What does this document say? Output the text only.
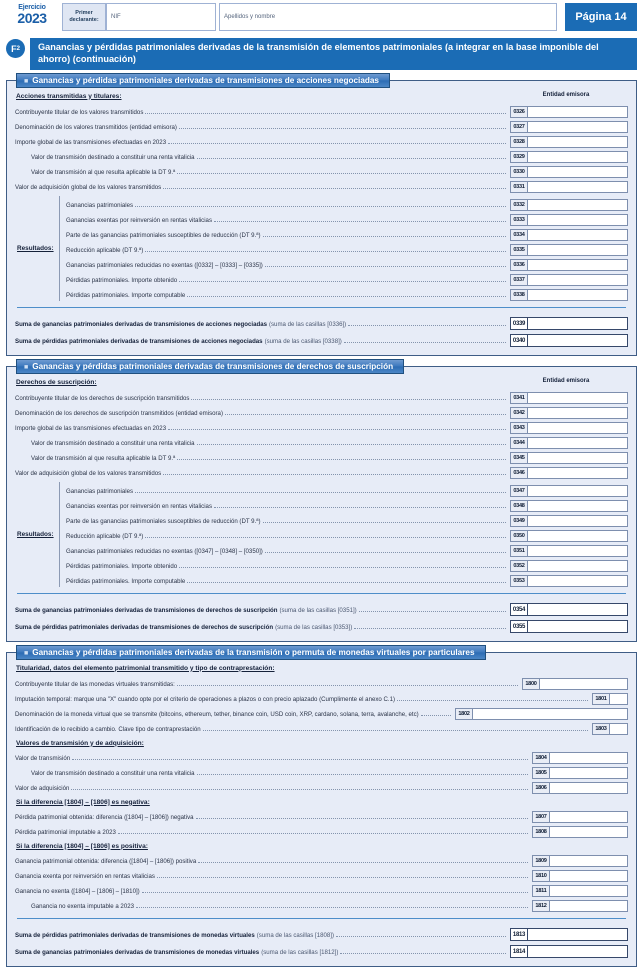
Ejercicio
2023	Primer
declarante: NIF	Apellidos y nombre	Página 14
F 2	Ganancias y pérdidas patrimoniales derivadas de la transmisión de elementos patrimoniales (a integrar en la base imponible del ahorro) (continuación)
■ Ganancias y pérdidas patrimoniales derivadas de transmisiones de acciones negociadas
Entidad emisora
Acciones transmitidas y titulares:
Contribuyente titular de los valores transmitidos	0326
Denominación de los valores transmitidos (entidad emisora)	0327
Importe global de las transmisiones efectuadas en 2023	0328
Valor de transmisión destinado a constituir una renta vitalicia	0329
Valor de transmisión al que resulta aplicable la DT 9.ª	0330
Valor de adquisición global de los valores transmitidos	0331
Resultados:
Ganancias patrimoniales	0332
Ganancias exentas por reinversión en rentas vitalicias	0333
Parte de las ganancias patrimoniales susceptibles de reducción (DT 9.ª)	0334
Reducción aplicable (DT 9.ª)	0335
Ganancias patrimoniales reducidas no exentas ([0332] – [0333] – [0335])	0336
Pérdidas patrimoniales. Importe obtenido	0337
Pérdidas patrimoniales. Importe computable	0338
Suma de ganancias patrimoniales derivadas de transmisiones de acciones negociadas (suma de las casillas [0336])	0339
Suma de pérdidas patrimoniales derivadas de transmisiones de acciones negociadas (suma de las casillas [0338])	0340
■ Ganancias y pérdidas patrimoniales derivadas de transmisiones de derechos de suscripción
Entidad emisora
Derechos de suscripción:
Contribuyente titular de los derechos de suscripción transmitidos	0341
Denominación de los derechos de suscripción transmitidos (entidad emisora)	0342
Importe global de las transmisiones efectuadas en 2023	0343
Valor de transmisión destinado a constituir una renta vitalicia	0344
Valor de transmisión al que resulta aplicable la DT 9.ª	0345
Valor de adquisición global de los valores transmitidos	0346
Resultados:
Ganancias patrimoniales	0347
Ganancias exentas por reinversión en rentas vitalicias	0348
Parte de las ganancias patrimoniales susceptibles de reducción (DT 9.ª)	0349
Reducción aplicable (DT 9.ª)	0350
Ganancias patrimoniales reducidas no exentas ([0347] – [0348] – [0350])	0351
Pérdidas patrimoniales. Importe obtenido	0352
Pérdidas patrimoniales. Importe computable	0353
Suma de ganancias patrimoniales derivadas de transmisiones de derechos de suscripción (suma de las casillas [0351])	0354
Suma de pérdidas patrimoniales derivadas de transmisiones de derechos de suscripción (suma de las casillas [0353])	0355
■ Ganancias y pérdidas patrimoniales derivadas de la transmisión o permuta de monedas virtuales por particulares
Titularidad, datos del elemento patrimonial transmitido y tipo de contraprestación:
Contribuyente titular de las monedas virtuales transmitidas:	1800
Imputación temporal: marque una "X" cuando opte por el criterio de operaciones a plazos o con precio aplazado (Cumplimente el anexo C.1)	1801
Denominación de la moneda virtual que se transmite (bitcoins, ethereum, tether, binance coin, USD coin, XRP, cardano, solana, terra, avalanche, etc)	1802
Identificación de lo recibido a cambio. Clave tipo de contraprestación	1803
Valores de transmisión y de adquisición:
Valor de transmisión	1804
Valor de transmisión destinado a constituir una renta vitalicia	1805
Valor de adquisición	1806
Si la diferencia [1804] – [1806] es negativa:
Pérdida patrimonial obtenida: diferencia ([1804] – [1806]) negativa	1807
Pérdida patrimonial imputable a 2023	1808
Si la diferencia [1804] – [1806] es positiva:
Ganancia patrimonial obtenida: diferencia ([1804] – [1806]) positiva	1809
Ganancia exenta por reinversión en rentas vitalicias	1810
Ganancia no exenta ([1804] – [1806] – [1810])	1811
Ganancia no exenta imputable a 2023	1812
Suma de pérdidas patrimoniales derivadas de transmisiones de monedas virtuales (suma de las casillas [1808])	1813
Suma de ganancias patrimoniales derivadas de transmisiones de monedas virtuales (suma de las casillas [1812])	1814
